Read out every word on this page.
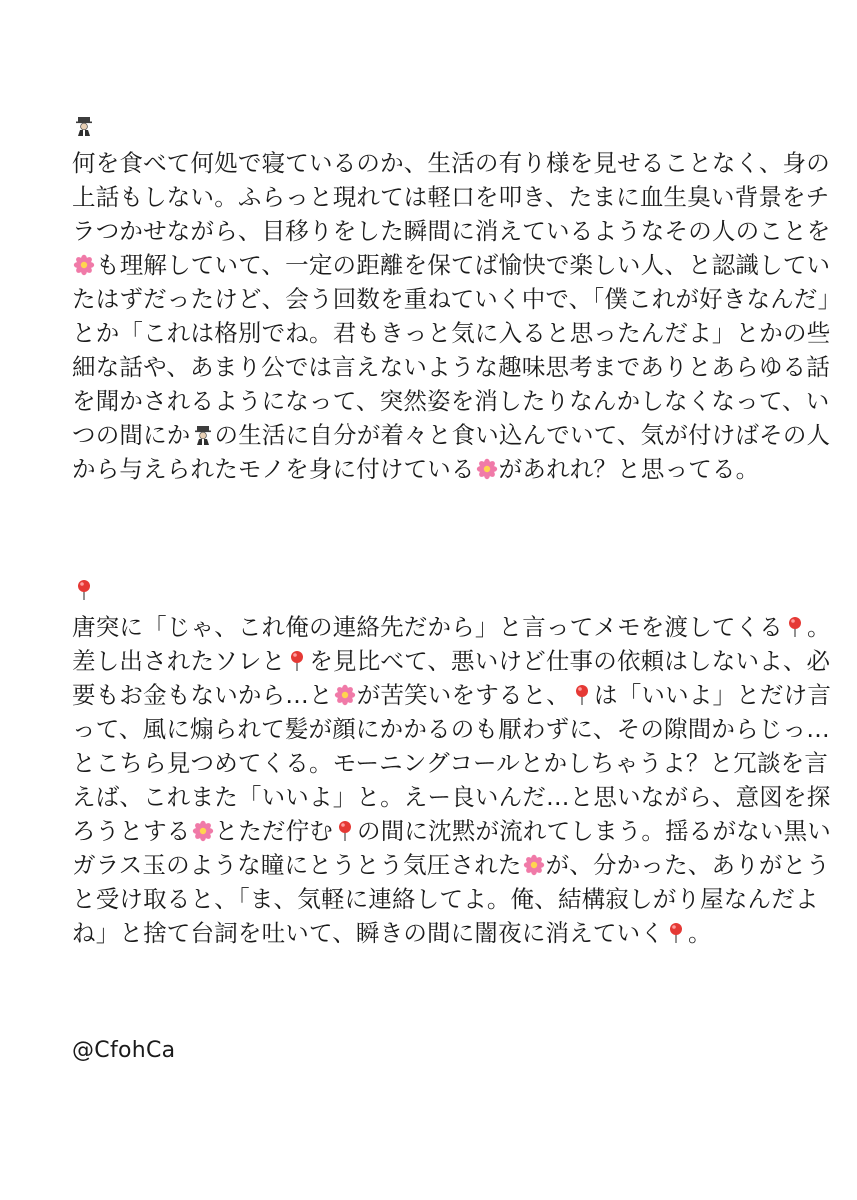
何を食べて何処で寝ているのか、生活の有り様を見せることなく、身の
上話もしない。ふらっと現れては軽口を叩き、たまに血生臭い背景をチ
ラつかせながら、目移りをした瞬間に消えているようなその人のことを
も理解していて、一定の距離を保てば愉快で楽しい人、と認識してい
たはずだったけど、会う回数を重ねていく中で、「僕これが好きなんだ」
とか「これは格別でね。君もきっと気に入ると思ったんだよ」とかの些
細な話や、あまり公では言えないような趣味思考までありとあらゆる話
を聞かされるようになって、突然姿を消したりなんかしなくなって、い
つの間にか の生活に自分が着々と食い込んでいて、気が付けばその人
から与えられたモノを身に付けている があれれ？と思ってる。

唐突に「じゃ、これ俺の連絡先だから」と言ってメモを渡してくる 。
差し出されたソレと を見比べて、悪いけど仕事の依頼はしないよ、必
要もお金もないから…と が苦笑いをすると、 は「いいよ」とだけ言
って、風に煽られて髪が顔にかかるのも厭わずに、その隙間からじっ…
とこちら見つめてくる。モーニングコールとかしちゃうよ？と冗談を言
えば、これまた「いいよ」と。えー良いんだ…と思いながら、意図を探
ろうとする とただ佇む の間に沈黙が流れてしまう。揺るがない黒い
ガラス玉のような瞳にとうとう気圧された が、分かった、ありがとう
と受け取ると、「ま、気軽に連絡してよ。俺、結構寂しがり屋なんだよ
ね」と捨て台詞を吐いて、瞬きの間に闇夜に消えていく 。

@CfohCa
